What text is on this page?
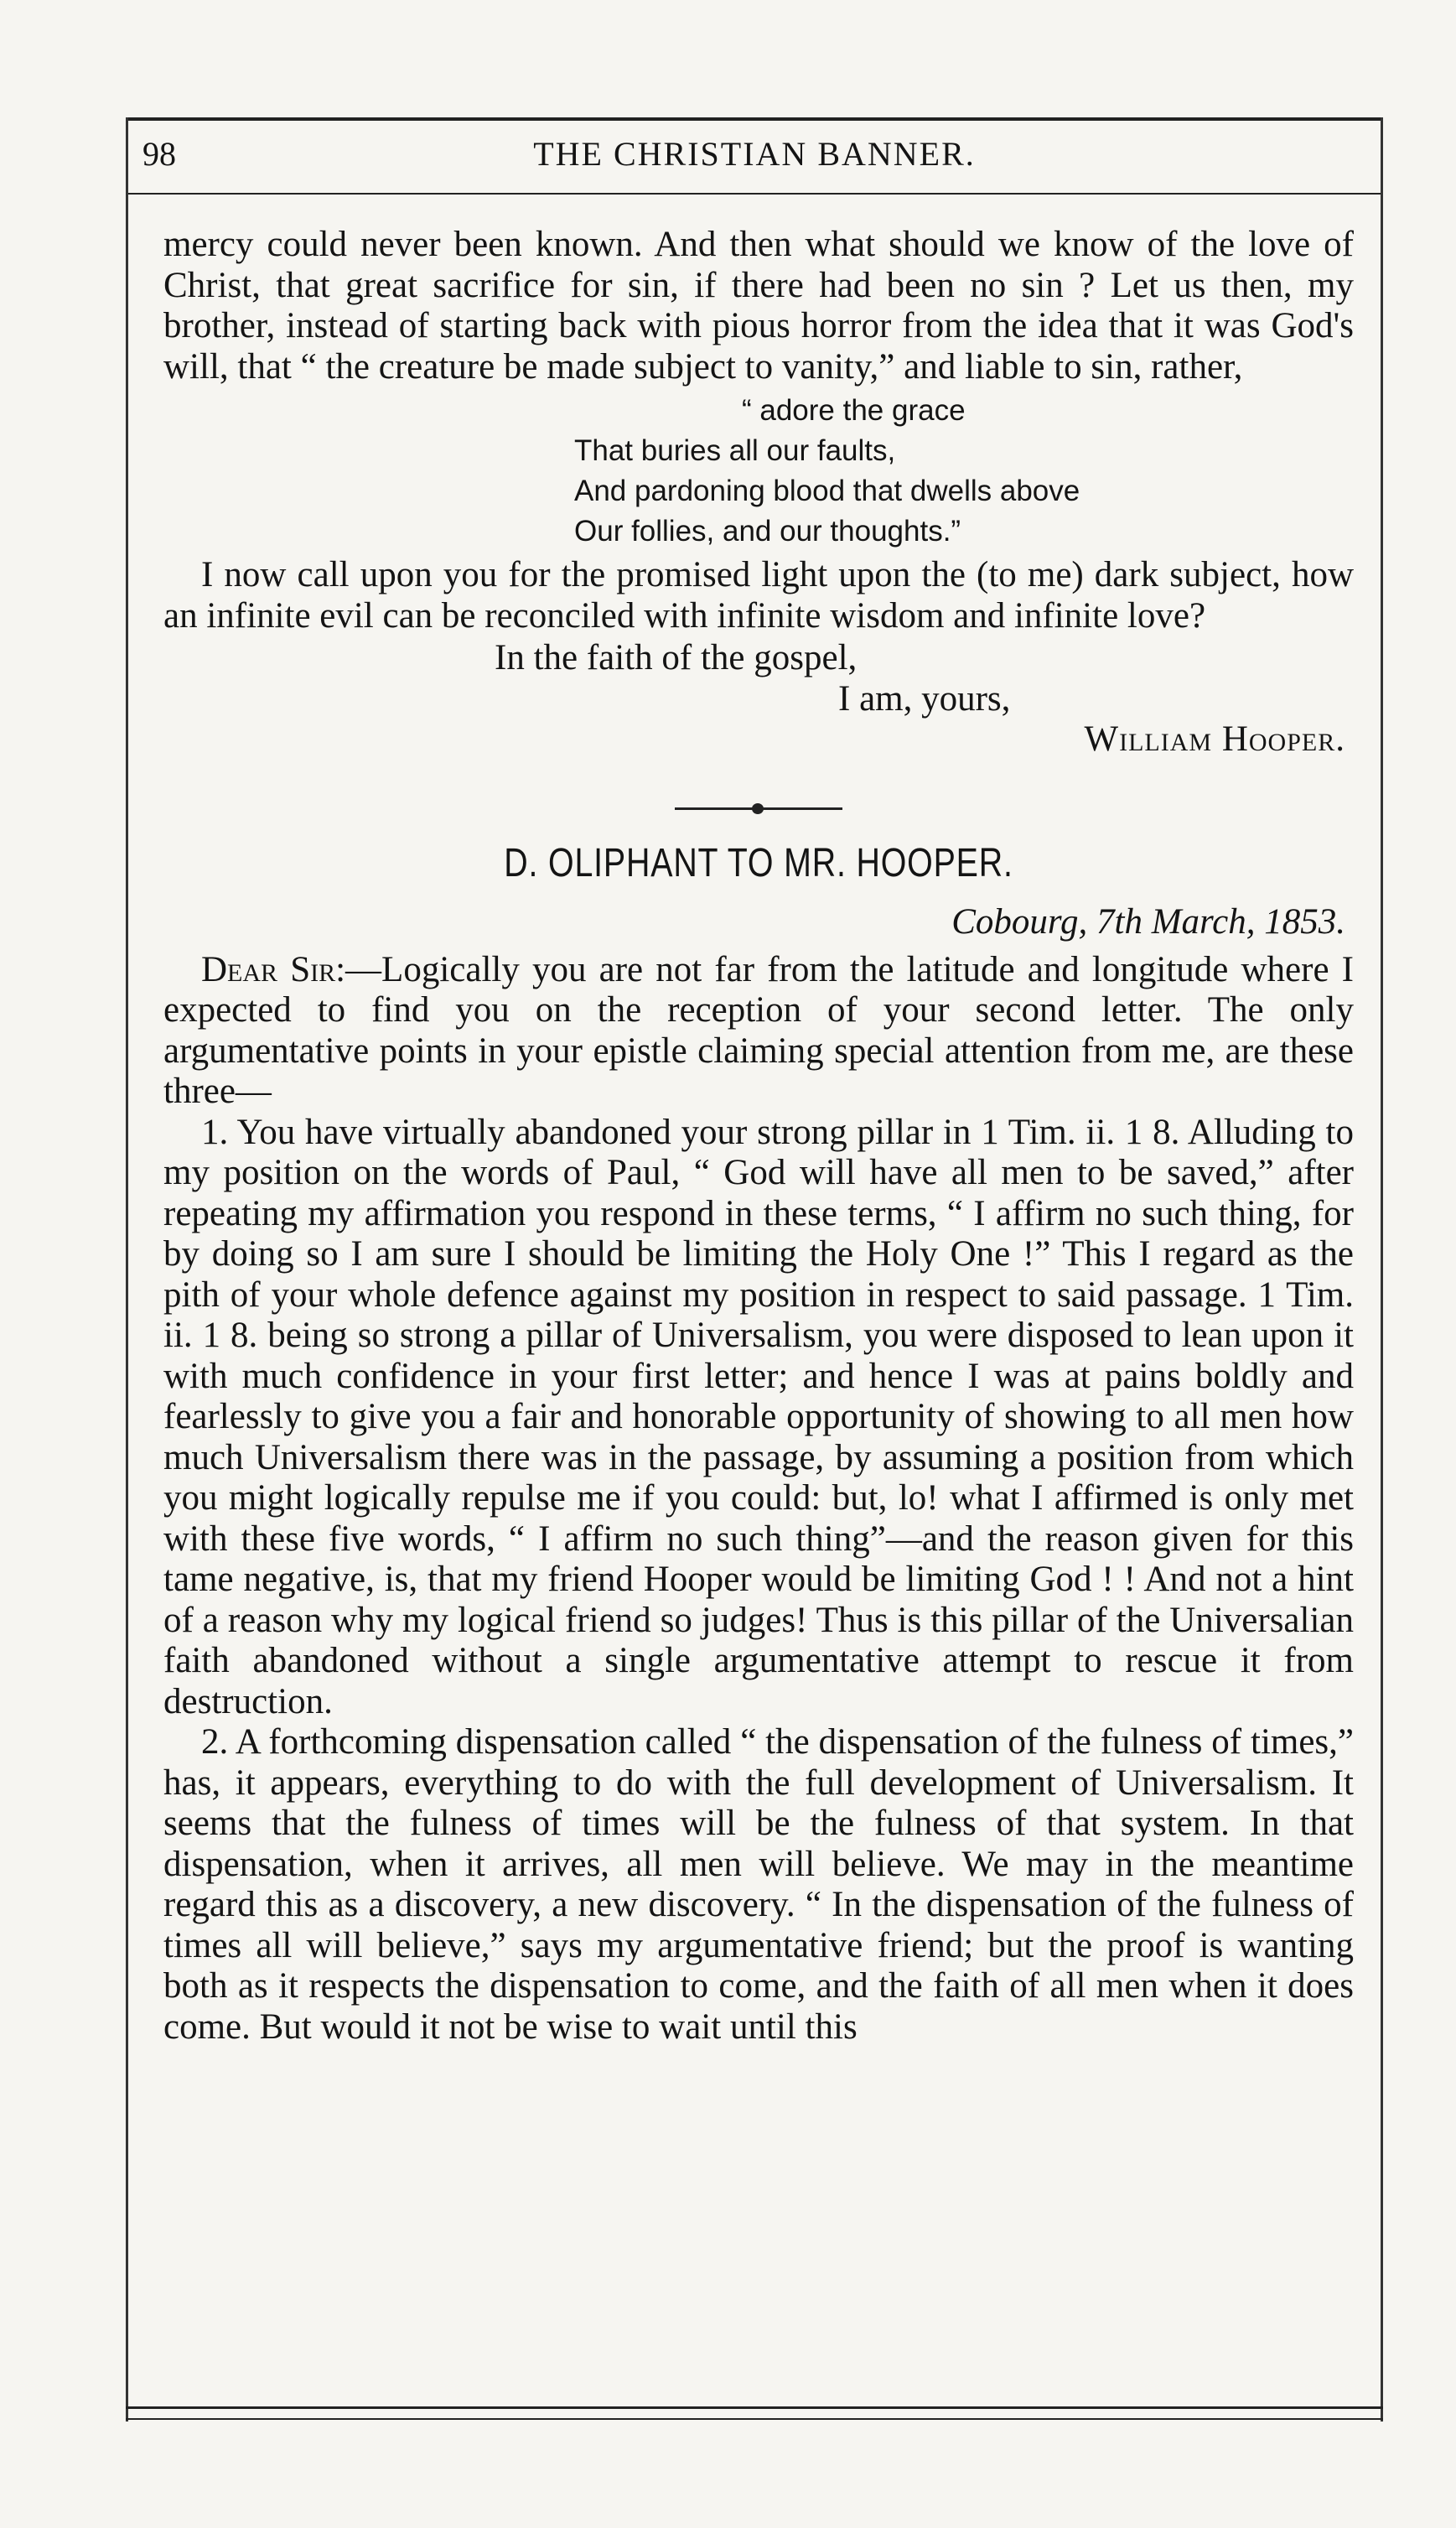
98	THE CHRISTIAN BANNER.

mercy could never been known. And then what should we know of the love of Christ, that great sacrifice for sin, if there had been no sin ? Let us then, my brother, instead of starting back with pious horror from the idea that it was God's will, that “ the creature be made subject to vanity,” and liable to sin, rather,

“ adore the grace
That buries all our faults,
And pardoning blood that dwells above
Our follies, and our thoughts.”

I now call upon you for the promised light upon the (to me) dark subject, how an infinite evil can be reconciled with infinite wisdom and infinite love?

In the faith of the gospel,
I am, yours,
William Hooper.
D. OLIPHANT TO MR. HOOPER.
Cobourg, 7th March, 1853.

Dear Sir:—Logically you are not far from the latitude and longitude where I expected to find you on the reception of your second letter. The only argumentative points in your epistle claiming special attention from me, are these three—

1. You have virtually abandoned your strong pillar in 1 Tim. ii. 1 8. Alluding to my position on the words of Paul, “ God will have all men to be saved,” after repeating my affirmation you respond in these terms, “ I affirm no such thing, for by doing so I am sure I should be limiting the Holy One !” This I regard as the pith of your whole defence against my position in respect to said passage. 1 Tim. ii. 1 8. being so strong a pillar of Universalism, you were disposed to lean upon it with much confidence in your first letter; and hence I was at pains boldly and fearlessly to give you a fair and honorable opportunity of showing to all men how much Universalism there was in the passage, by assuming a position from which you might logically repulse me if you could: but, lo! what I affirmed is only met with these five words, “ I affirm no such thing”—and the reason given for this tame negative, is, that my friend Hooper would be limiting God ! ! And not a hint of a reason why my logical friend so judges! Thus is this pillar of the Universalian faith abandoned without a single argumentative attempt to rescue it from destruction.

2. A forthcoming dispensation called “ the dispensation of the fulness of times,” has, it appears, everything to do with the full development of Universalism. It seems that the fulness of times will be the fulness of that system. In that dispensation, when it arrives, all men will believe. We may in the meantime regard this as a discovery, a new discovery. “ In the dispensation of the fulness of times all will believe,” says my argumentative friend; but the proof is wanting both as it respects the dispensation to come, and the faith of all men when it does come. But would it not be wise to wait until this
